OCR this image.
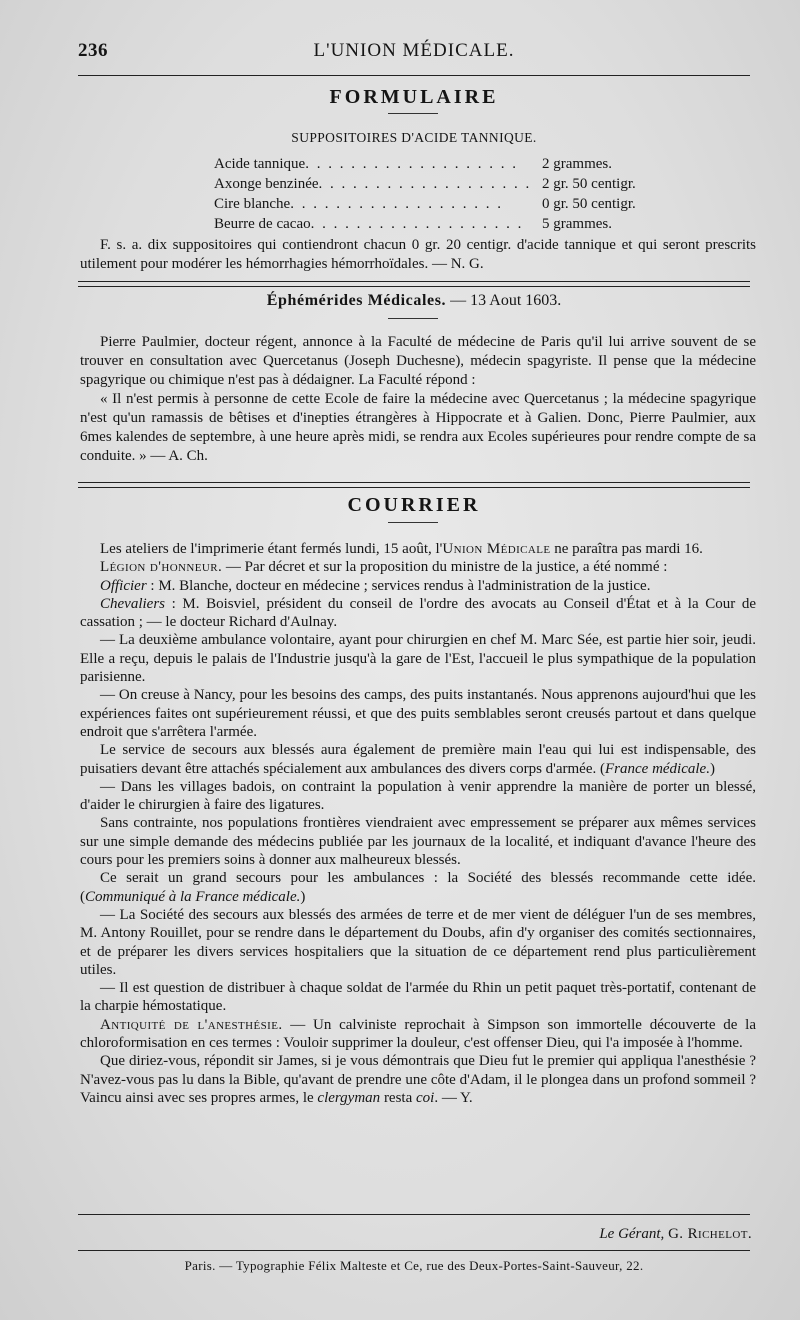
236	L'UNION MÉDICALE.
FORMULAIRE
SUPPOSITOIRES D'ACIDE TANNIQUE.
Acide tannique. . . . . . . . . . . . . . . . . . .	2 grammes.
Axonge benzinée. . . . . . . . . . . . . . . . . . . 2 gr. 50 centigr.
Cire blanche. . . . . . . . . . . . . . . . . . .	0 gr. 50 centigr.
Beurre de cacao. . . . . . . . . . . . . . . . . . .	5 grammes.

F. s. a. dix suppositoires qui contiendront chacun 0 gr. 20 centigr. d'acide tannique et qui seront prescrits utilement pour modérer les hémorrhagies hémorrhoïdales. — N. G.

Éphémérides Médicales. — 13 Aout 1603.

Pierre Paulmier, docteur régent, annonce à la Faculté de médecine de Paris qu'il lui arrive souvent de se trouver en consultation avec Quercetanus (Joseph Duchesne), médecin spagyriste. Il pense que la médecine spagyrique ou chimique n'est pas à dédaigner. La Faculté répond :

« Il n'est permis à personne de cette Ecole de faire la médecine avec Quercetanus ; la médecine spagyrique n'est qu'un ramassis de bêtises et d'inepties étrangères à Hippocrate et à Galien. Donc, Pierre Paulmier, aux 6mes kalendes de septembre, à une heure après midi, se rendra aux Ecoles supérieures pour rendre compte de sa conduite. » — A. Ch.

COURRIER

Les ateliers de l'imprimerie étant fermés lundi, 15 août, l'Union Médicale ne paraîtra pas mardi 16.

Légion d'honneur. — Par décret et sur la proposition du ministre de la justice, a été nommé :

Officier : M. Blanche, docteur en médecine ; services rendus à l'administration de la justice.

Chevaliers : M. Boisviel, président du conseil de l'ordre des avocats au Conseil d'État et à la Cour de cassation ; — le docteur Richard d'Aulnay.

— La deuxième ambulance volontaire, ayant pour chirurgien en chef M. Marc Sée, est partie hier soir, jeudi. Elle a reçu, depuis le palais de l'Industrie jusqu'à la gare de l'Est, l'accueil le plus sympathique de la population parisienne.

— On creuse à Nancy, pour les besoins des camps, des puits instantanés. Nous apprenons aujourd'hui que les expériences faites ont supérieurement réussi, et que des puits semblables seront creusés partout et dans quelque endroit que s'arrêtera l'armée.

Le service de secours aux blessés aura également de première main l'eau qui lui est indispensable, des puisatiers devant être attachés spécialement aux ambulances des divers corps d'armée. (France médicale.)

— Dans les villages badois, on contraint la population à venir apprendre la manière de porter un blessé, d'aider le chirurgien à faire des ligatures.

Sans contrainte, nos populations frontières viendraient avec empressement se préparer aux mêmes services sur une simple demande des médecins publiée par les journaux de la localité, et indiquant d'avance l'heure des cours pour les premiers soins à donner aux malheureux blessés.

Ce serait un grand secours pour les ambulances : la Société des blessés recommande cette idée. (Communiqué à la France médicale.)

— La Société des secours aux blessés des armées de terre et de mer vient de déléguer l'un de ses membres, M. Antony Rouillet, pour se rendre dans le département du Doubs, afin d'y organiser des comités sectionnaires, et de préparer les divers services hospitaliers que la situation de ce département rend plus particulièrement utiles.

— Il est question de distribuer à chaque soldat de l'armée du Rhin un petit paquet très-portatif, contenant de la charpie hémostatique.

Antiquité de l'anesthésie. — Un calviniste reprochait à Simpson son immortelle découverte de la chloroformisation en ces termes : Vouloir supprimer la douleur, c'est offenser Dieu, qui l'a imposée à l'homme.

Que diriez-vous, répondit sir James, si je vous démontrais que Dieu fut le premier qui appliqua l'anesthésie ? N'avez-vous pas lu dans la Bible, qu'avant de prendre une côte d'Adam, il le plongea dans un profond sommeil ? Vaincu ainsi avec ses propres armes, le clergyman resta coi. — Y.

Le Gérant, G. Richelot.
Paris. — Typographie Félix Malteste et Ce, rue des Deux-Portes-Saint-Sauveur, 22.
